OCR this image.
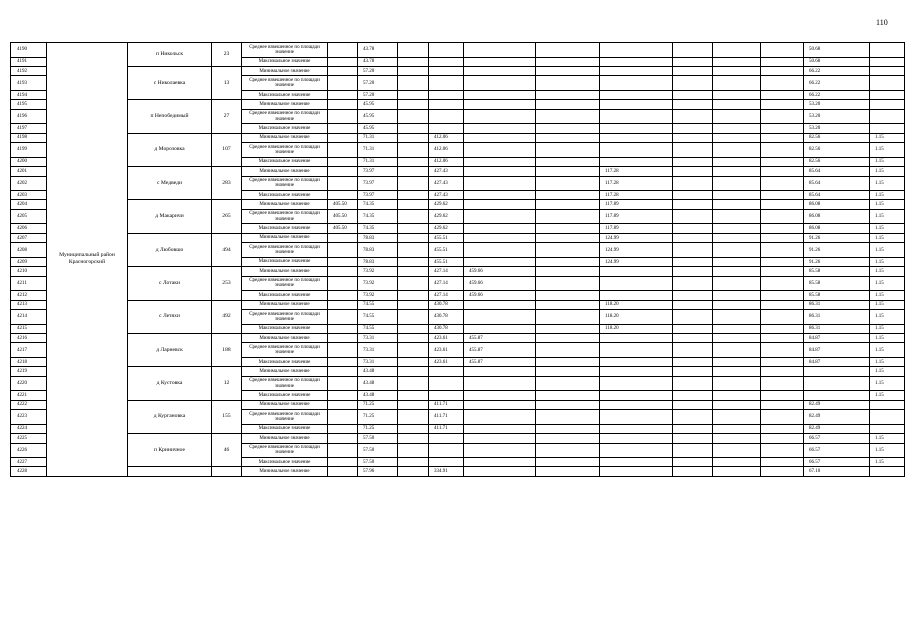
110
4190	Муниципальный район Красногорский	п Никольск	23	Среднее взвешенное по площади значение		43.78									50.68		
4191				Максимальное значение		43.78									50.68		
4192		с Николаевка	13	Минимальное значение		57.20									66.22		
4193				Среднее взвешенное по площади значение		57.20									66.22		
4194				Максимальное значение		57.20									66.22		
4195		п Непобедимый	27	Минимальное значение		45.95									53.20		
4196				Среднее взвешенное по площади значение		45.95									53.20		
4197				Максимальное значение		45.95									53.20		
4198		д Морозовка	107	Минимальное значение		71.31		412.06							82.56	1.15	
4199				Среднее взвешенное по площади значение		71.31		412.06							82.56	1.15	
4200				Максимальное значение		71.31		412.06							82.56	1.15	
4201		с Медведи	283	Минимальное значение		73.97		427.43			117.28				85.64	1.15	
4202				Среднее взвешенное по площади значение		73.97		427.43			117.28				85.64	1.15	
4203				Максимальное значение		73.97		427.43			117.28				85.64	1.15	
4204		д Макаричи	265	Минимальное значение	405.50	74.35		429.62			117.89				86.08	1.15	
4205				Среднее взвешенное по площади значение	405.50	74.35		429.62			117.89				86.08	1.15	
4206				Максимальное значение	405.50	74.35		429.62			117.89				86.08	1.15	
4207		д Любовшо	494	Минимальное значение		78.83		455.51			124.99				91.26	1.15	
4208				Среднее взвешенное по площади значение		78.83		455.51			124.99				91.26	1.15	
4209				Максимальное значение		78.83		455.51			124.99				91.26	1.15	
4210		с Лотаки	253	Минимальное значение		73.92		427.14	459.66						85.58	1.15	
4211				Среднее взвешенное по площади значение		73.92		427.14	459.66						85.58	1.15	
4212				Максимальное значение		73.92		427.14	459.66						85.58	1.15	
4213		с Летяхи	492	Минимальное значение		74.55		430.78			118.20				86.31	1.15	
4214				Среднее взвешенное по площади значение		74.55		430.78			118.20				86.31	1.15	
4215				Максимальное значение		74.55		430.78			118.20				86.31	1.15	
4216		д Ларневск	188	Минимальное значение		73.31		423.61	455.87						84.87	1.15	
4217				Среднее взвешенное по площади значение		73.31		423.61	455.87						84.87	1.15	
4218				Максимальное значение		73.31		423.61	455.87						84.87	1.15	
4219		д Кустовка	12	Минимальное значение		43.48										1.15	
4220				Среднее взвешенное по площади значение		43.48										1.15	
4221				Максимальное значение		43.48										1.15	
4222		д Кургановка	155	Минимальное значение		71.25		411.71							82.49		
4223				Среднее взвешенное по площади значение		71.25		411.71							82.49		
4224				Максимальное значение		71.25		411.71							82.49		
4225		п Криничное	46	Минимальное значение		57.50									66.57	1.15	
4226				Среднее взвешенное по площади значение		57.50									66.57	1.15	
4227				Максимальное значение		57.50									66.57	1.15	
4228				Минимальное значение		57.96		334.91							67.10		
